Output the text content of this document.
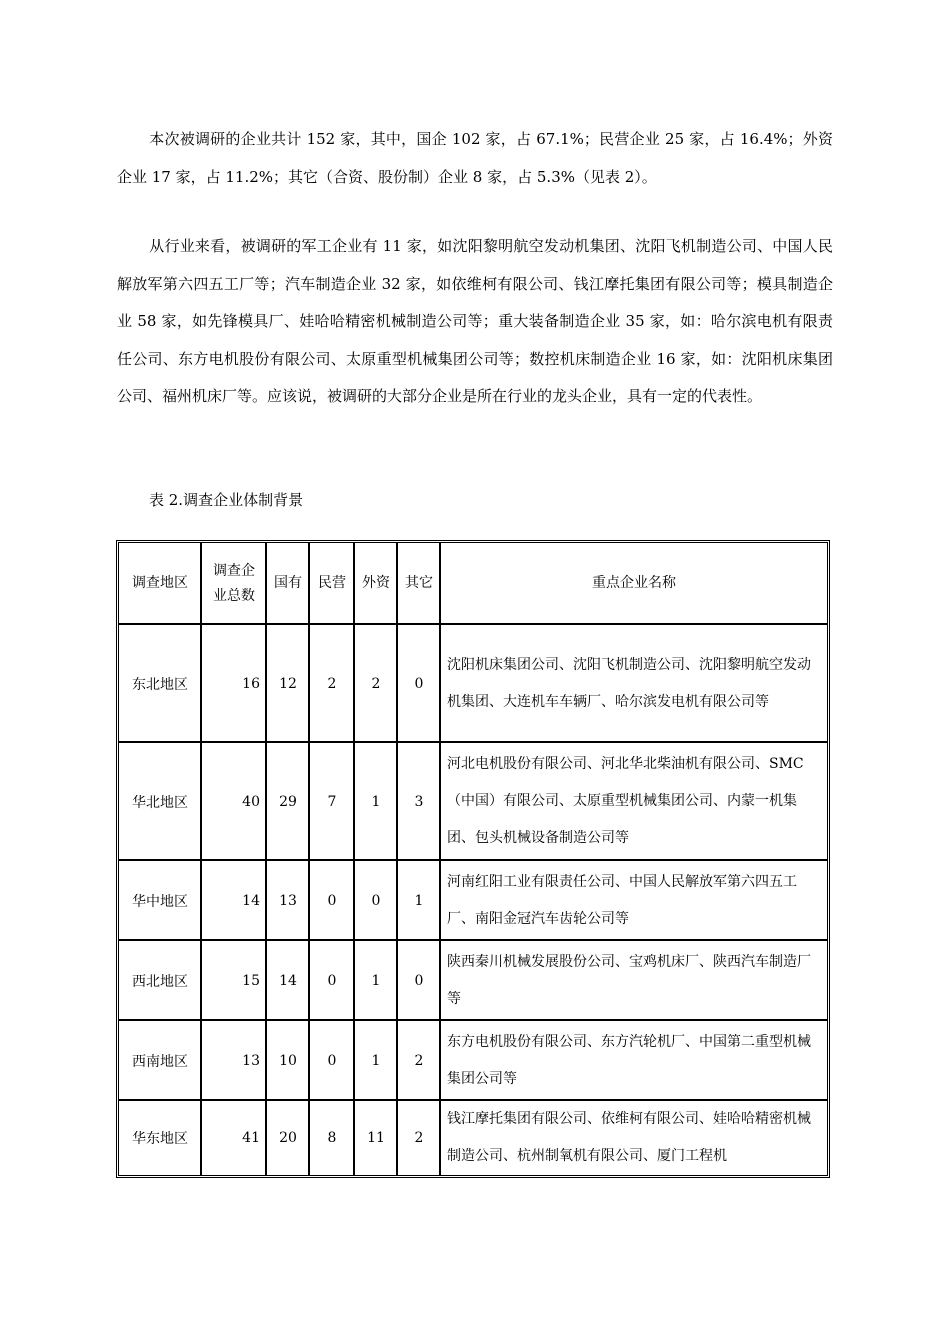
本次被调研的企业共计 152 家，其中，国企 102 家，占 67.1%；民营企业 25 家，占 16.4%；外资企业 17 家，占 11.2%；其它（合资、股份制）企业 8 家，占 5.3%（见表 2）。

从行业来看，被调研的军工企业有 11 家，如沈阳黎明航空发动机集团、沈阳飞机制造公司、中国人民解放军第六四五工厂等；汽车制造企业 32 家，如依维柯有限公司、钱江摩托集团有限公司等；模具制造企业 58 家，如先锋模具厂、娃哈哈精密机械制造公司等；重大装备制造企业 35 家，如：哈尔滨电机有限责任公司、东方电机股份有限公司、太原重型机械集团公司等；数控机床制造企业 16 家，如：沈阳机床集团公司、福州机床厂等。应该说，被调研的大部分企业是所在行业的龙头企业，具有一定的代表性。

表 2.调查企业体制背景
调查地区	调查企业总数	国有	民营	外资	其它	重点企业名称
东北地区	16	12	2	2	0	沈阳机床集团公司、沈阳飞机制造公司、沈阳黎明航空发动机集团、大连机车车辆厂、哈尔滨发电机有限公司等
华北地区	40	29	7	1	3	河北电机股份有限公司、河北华北柴油机有限公司、SMC（中国）有限公司、太原重型机械集团公司、内蒙一机集团、包头机械设备制造公司等
华中地区	14	13	0	0	1	河南红阳工业有限责任公司、中国人民解放军第六四五工厂、南阳金冠汽车齿轮公司等
西北地区	15	14	0	1	0	陕西秦川机械发展股份公司、宝鸡机床厂、陕西汽车制造厂等
西南地区	13	10	0	1	2	东方电机股份有限公司、东方汽轮机厂、中国第二重型机械集团公司等
华东地区	41	20	8	11	2	钱江摩托集团有限公司、依维柯有限公司、娃哈哈精密机械制造公司、杭州制氧机有限公司、厦门工程机
